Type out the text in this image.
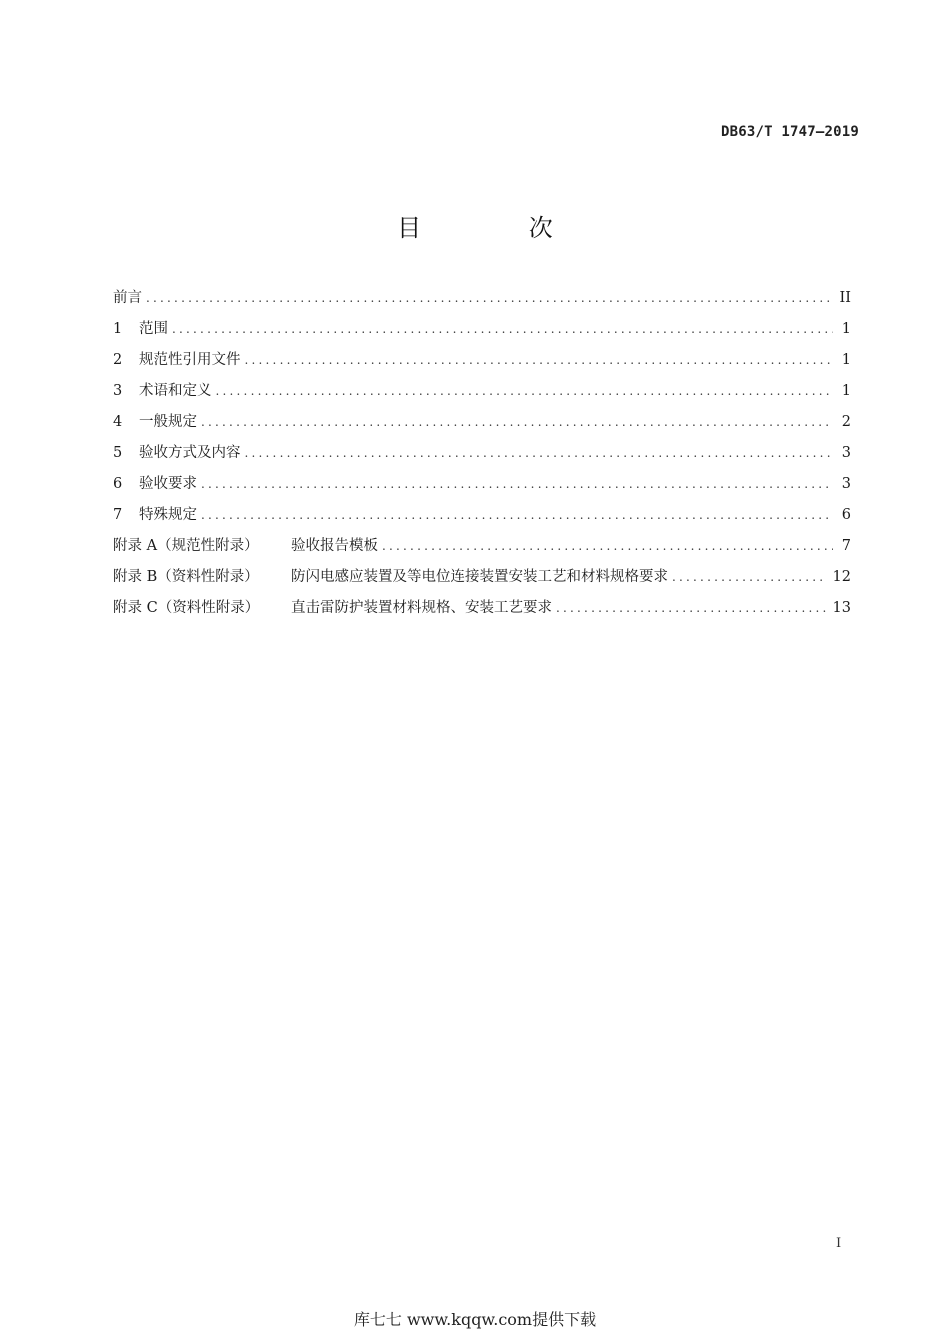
DB63/T 1747—2019
目 次
前言 .....	II
1 范围 .....	1
2 规范性引用文件 .....	1
3 术语和定义 .....	1
4 一般规定 .....	2
5 验收方式及内容 .....	3
6 验收要求 .....	3
7 特殊规定 .....	6
附录 A（规范性附录） 验收报告模板 .....	7
附录 B（资料性附录） 防闪电感应装置及等电位连接装置安装工艺和材料规格要求 .....	12
附录 C（资料性附录） 直击雷防护装置材料规格、安装工艺要求 .....	13
I
库七七 www.kqqw.com提供下载
